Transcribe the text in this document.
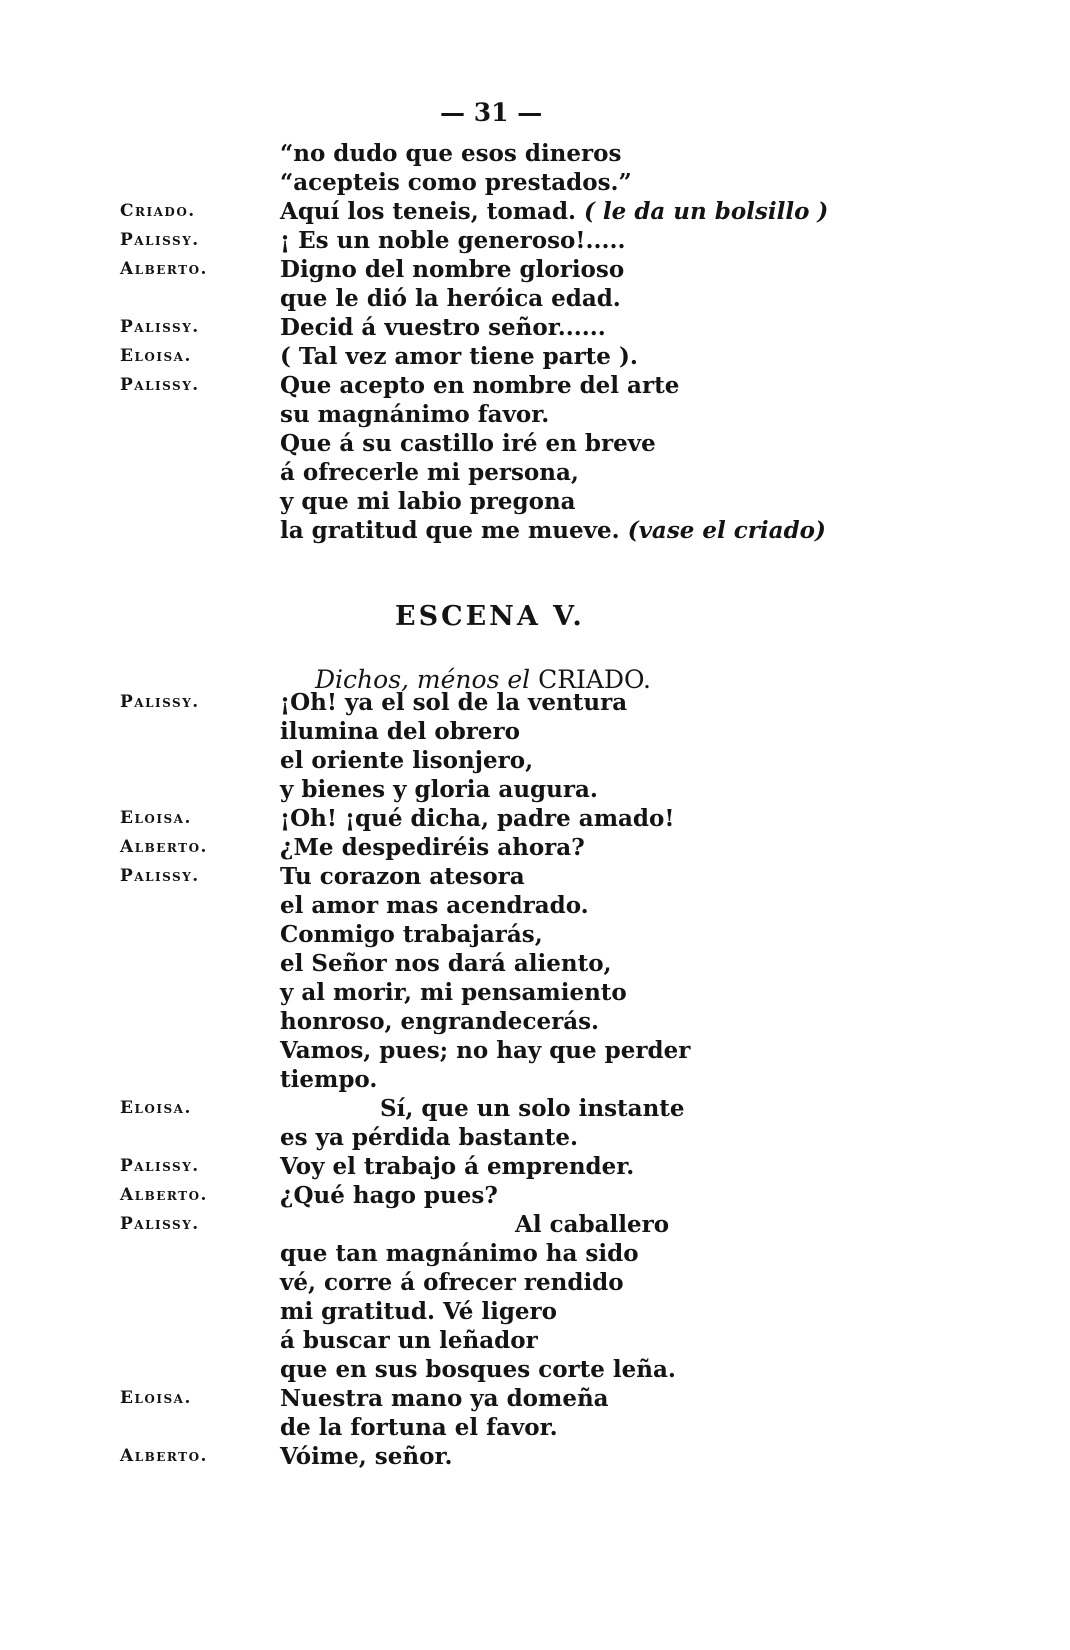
— 31 —
“no dudo que esos dineros
“acepteis como prestados.”
Criado.	Aquí los teneis, tomad. ( le da un bolsillo )
Palissy.	¡ Es un noble generoso!.....
Alberto.	Digno del nombre glorioso
que le dió la heróica edad.
Palissy.	Decid á vuestro señor......
Eloisa.	( Tal vez amor tiene parte ).
Palissy.	Que acepto en nombre del arte
su magnánimo favor.
Que á su castillo iré en breve
á ofrecerle mi persona,
y que mi labio pregona
la gratitud que me mueve. (vase el criado)
ESCENA V.
Dichos, ménos el CRIADO.
Palissy.	¡Oh! ya el sol de la ventura
ilumina del obrero
el oriente lisonjero,
y bienes y gloria augura.
Eloisa.	¡Oh! ¡qué dicha, padre amado!
Alberto.	¿Me despediréis ahora?
Palissy.	Tu corazon atesora
el amor mas acendrado.
Conmigo trabajarás,
el Señor nos dará aliento,
y al morir, mi pensamiento
honroso, engrandecerás.
Vamos, pues; no hay que perder
tiempo.
Eloisa.	Sí, que un solo instante
es ya pérdida bastante.
Palissy.	Voy el trabajo á emprender.
Alberto.	¿Qué hago pues?
Palissy.	Al caballero
que tan magnánimo ha sido
vé, corre á ofrecer rendido
mi gratitud. Vé ligero
á buscar un leñador
que en sus bosques corte leña.
Eloisa.	Nuestra mano ya domeña
de la fortuna el favor.
Alberto.	Vóime, señor.
